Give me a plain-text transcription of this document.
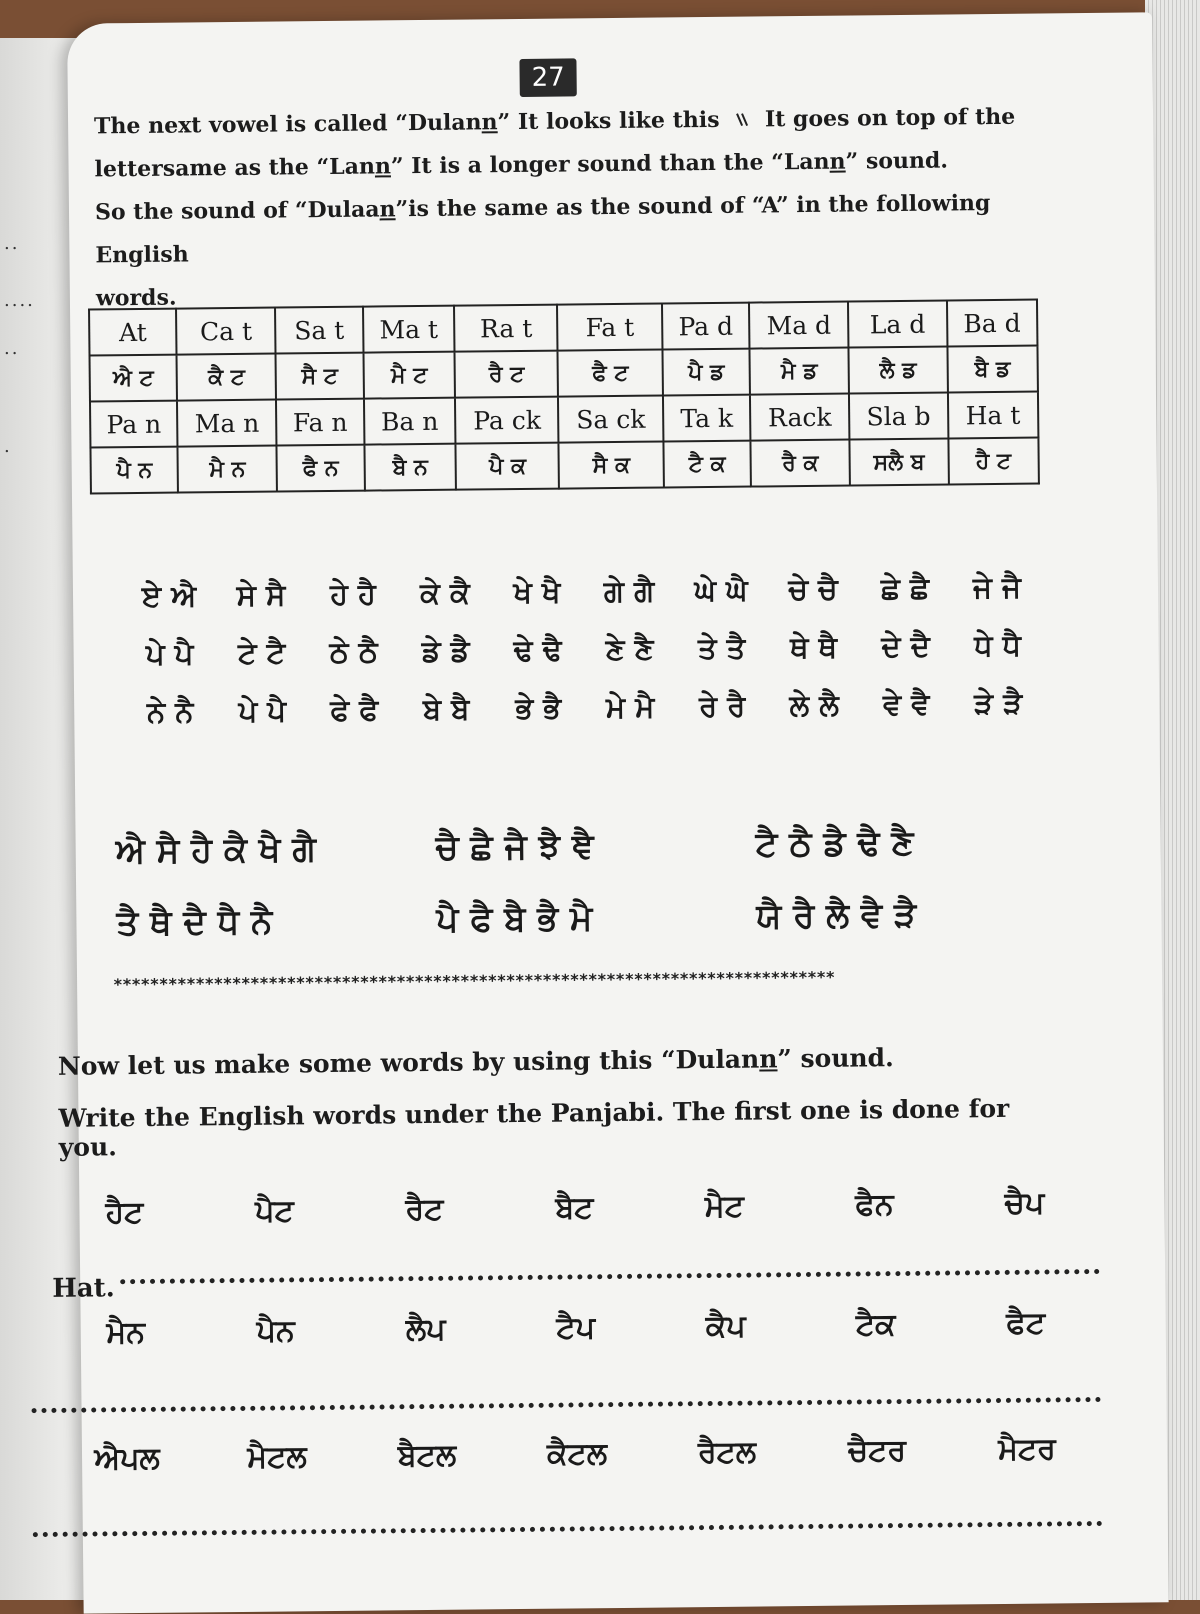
..
....
..
.
27

The next vowel is called “Dulann” It looks like this It goes on top of the

lettersame as the “Lann” It is a longer sound than the “Lann” sound.

So the sound of “Dulaan”is the same as the sound of “A” in the following English

words.

At	Ca t	Sa t	Ma t	Ra t	Fa t	Pa d	Ma d	La d	Ba d
ਐ ਟ	ਕੈ ਟ	ਸੈ ਟ	ਮੈ ਟ	ਰੈ ਟ	ਫੈ ਟ	ਪੈ ਡ	ਮੈ ਡ	ਲੈ ਡ	ਬੈ ਡ
Pa n	Ma n	Fa n	Ba n	Pa ck	Sa ck	Ta k	Rack	Sla b	Ha t
ਪੈ ਨ	ਮੈ ਨ	ਫੈ ਨ	ਬੈ ਨ	ਪੈ ਕ	ਸੈ ਕ	ਟੈ ਕ	ਰੈ ਕ	ਸਲੈ ਬ	ਹੈ ਟ
ਏ ਐ	ਸੇ ਸੈ	ਹੇ ਹੈ	ਕੇ ਕੈ	ਖੇ ਖੈ	ਗੇ ਗੈ	ਘੇ ਘੈ	ਚੇ ਚੈ	ਛੇ ਛੈ	ਜੇ ਜੈ
ਪੇ ਪੈ	ਟੇ ਟੈ	ਠੇ ਠੈ	ਡੇ ਡੈ	ਢੇ ਢੈ	ਣੇ ਣੈ	ਤੇ ਤੈ	ਥੇ ਥੈ	ਦੇ ਦੈ	ਧੇ ਧੈ
ਨੇ ਨੈ	ਪੇ ਪੈ	ਫੇ ਫੈ	ਬੇ ਬੈ	ਭੇ ਭੈ	ਮੇ ਮੈ	ਰੇ ਰੈ	ਲੇ ਲੈ	ਵੇ ਵੈ	ੜੇ ੜੈ
ਐ ਸੈ ਹੈ ਕੈ ਖੈ ਗੈ	ਚੈ ਛੈ ਜੈ ਝੈ ਞੈ	ਟੈ ਠੈ ਡੈ ਢੈ ਣੈ
ਤੈ ਥੈ ਦੈ ਧੈ ਨੈ	ਪੈ ਫੈ ਬੈ ਭੈ ਮੈ	ਯੈ ਰੈ ਲੈ ਵੈ ੜੈ
*******************************************************************************
Now let us make some words by using this “Dulann” sound.
Write the English words under the Panjabi. The first one is done for you.
ਹੈਟ	ਪੈਟ	ਰੈਟ	ਬੈਟ	ਮੈਟ	ਫੈਨ	ਚੈਪ
Hat.
ਮੈਨ	ਪੈਨ	ਲੈਪ	ਟੈਪ	ਕੈਪ	ਟੈਕ	ਫੈਟ
ਐਪਲ	ਮੈਟਲ	ਬੈਟਲ	ਕੈਟਲ	ਰੈਟਲ	ਚੈਟਰ	ਮੈਟਰ
